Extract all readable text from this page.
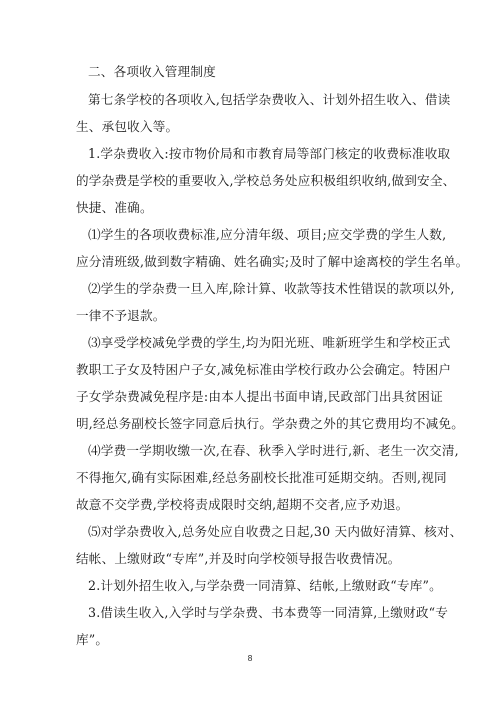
二、各项收入管理制度
第七条学校的各项收入,包括学杂费收入、计划外招生收入、借读
生、承包收入等。
1.学杂费收入:按市物价局和市教育局等部门核定的收费标准收取
的学杂费是学校的重要收入,学校总务处应积极组织收纳,做到安全、
快捷、准确。
⑴学生的各项收费标准,应分清年级、项目;应交学费的学生人数,
应分清班级,做到数字精确、姓名确实;及时了解中途离校的学生名单。
⑵学生的学杂费一旦入库,除计算、收款等技术性错误的款项以外,
一律不予退款。
⑶享受学校减免学费的学生,均为阳光班、唯新班学生和学校正式
教职工子女及特困户子女,减免标准由学校行政办公会确定。特困户
子女学杂费减免程序是:由本人提出书面申请,民政部门出具贫困证
明,经总务副校长签字同意后执行。学杂费之外的其它费用均不减免。
⑷学费一学期收缴一次,在春、秋季入学时进行,新、老生一次交清,
不得拖欠,确有实际困难,经总务副校长批准可延期交纳。否则,视同
故意不交学费,学校将责成限时交纳,超期不交者,应予劝退。
⑸对学杂费收入,总务处应自收费之日起,30 天内做好清算、核对、
结帐、上缴财政“专库”,并及时向学校领导报告收费情况。
2.计划外招生收入,与学杂费一同清算、结帐,上缴财政“专库”。
3.借读生收入,入学时与学杂费、书本费等一同清算,上缴财政“专
库”。
8
